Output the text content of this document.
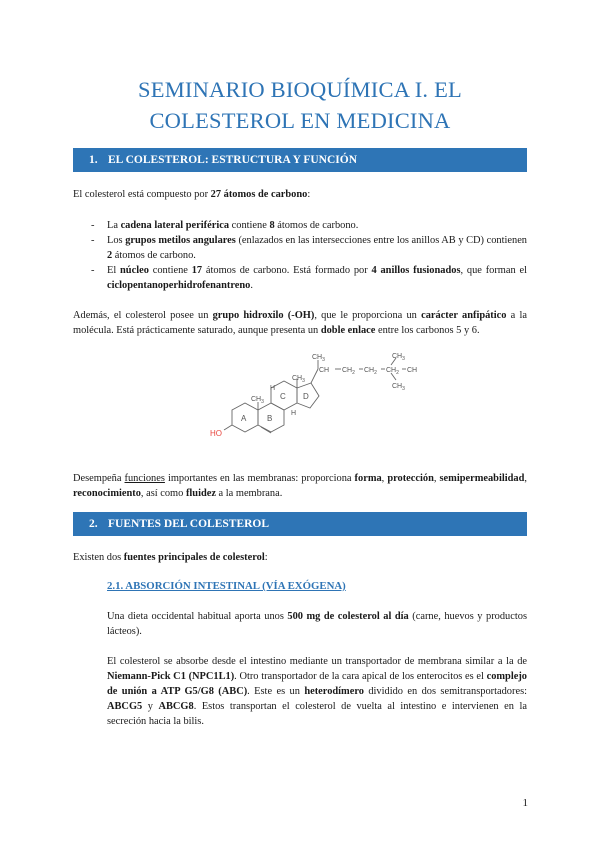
SEMINARIO BIOQUÍMICA I. EL
COLESTEROL EN MEDICINA
1. EL COLESTEROL: ESTRUCTURA Y FUNCIÓN

El colesterol está compuesto por 27 átomos de carbono:

- La cadena lateral periférica contiene 8 átomos de carbono.

- Los grupos metilos angulares (enlazados en las intersecciones entre los anillos AB y CD) contienen 2 átomos de carbono.

- El núcleo contiene 17 átomos de carbono. Está formado por 4 anillos fusionados, que forman el ciclopentanoperhidrofenantreno.

Además, el colesterol posee un grupo hidroxilo (-OH), que le proporciona un carácter anfipático a la molécula. Está prácticamente saturado, aunque presenta un doble enlace entre los carbonos 5 y 6.

A	B
C D
HO
$CH_3$
$CH_3$
$CH_3$
CH $CH_2$ $CH_2$ $CH_2$ CH
$CH_3$
$CH_3$
H
H

Desempeña funciones importantes en las membranas: proporciona forma, protección, semipermeabilidad, reconocimiento, así como fluidez a la membrana.

2. FUENTES DEL COLESTEROL

Existen dos fuentes principales de colesterol:

2.1. ABSORCIÓN INTESTINAL (VÍA EXÓGENA)

Una dieta occidental habitual aporta unos 500 mg de colesterol al día (carne, huevos y productos lácteos).

El colesterol se absorbe desde el intestino mediante un transportador de membrana similar a la de Niemann-Pick C1 (NPC1L1). Otro transportador de la cara apical de los enterocitos es el complejo de unión a ATP G5/G8 (ABC). Este es un heterodímero dividido en dos semitransportadores: ABCG5 y ABCG8. Estos transportan el colesterol de vuelta al intestino e intervienen en la secreción hacia la bilis.

1
